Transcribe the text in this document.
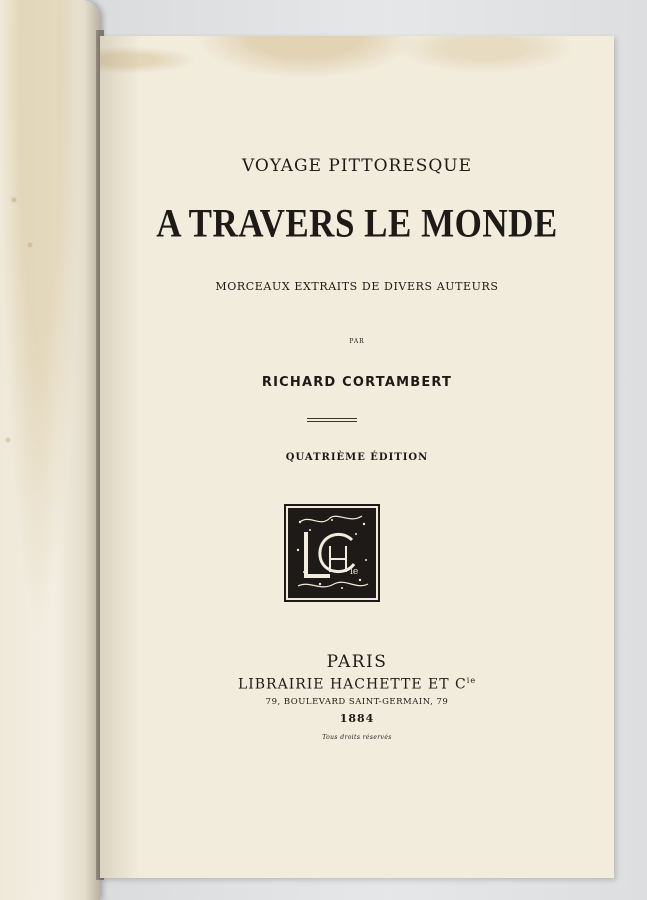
VOYAGE PITTORESQUE
A TRAVERS LE MONDE
MORCEAUX EXTRAITS DE DIVERS AUTEURS
PAR
RICHARD CORTAMBERT
QUATRIÈME ÉDITION
ie
PARIS
LIBRAIRIE HACHETTE ET $C^{ie}$
79, BOULEVARD SAINT-GERMAIN, 79
1884
Tous droits réservés
